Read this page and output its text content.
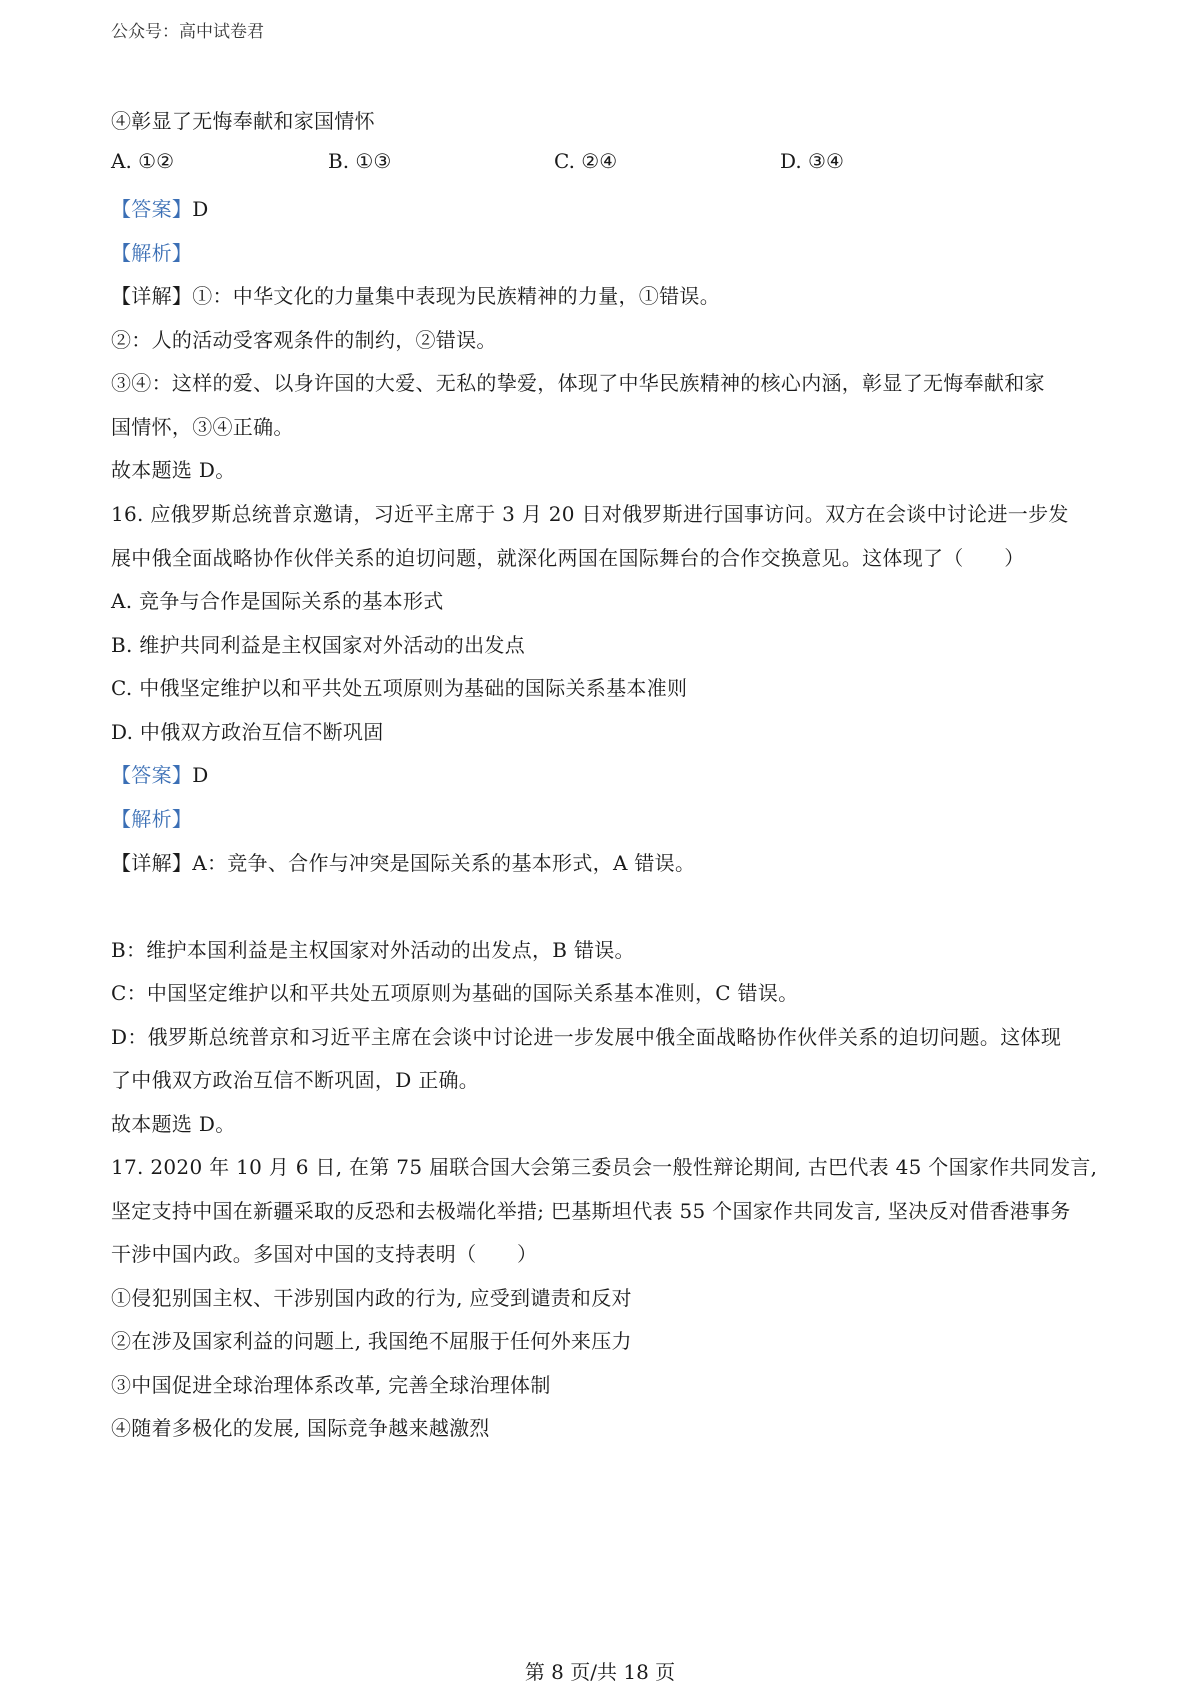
公众号：高中试卷君
④彰显了无悔奉献和家国情怀
A. ①②	B. ①③	C. ②④	D. ③④
【答案】D
【解析】
【详解】①：中华文化的力量集中表现为民族精神的力量，①错误。
②：人的活动受客观条件的制约，②错误。
③④：这样的爱、以身许国的大爱、无私的挚爱，体现了中华民族精神的核心内涵，彰显了无悔奉献和家
国情怀，③④正确。
故本题选 D。
16. 应俄罗斯总统普京邀请，习近平主席于 3 月 20 日对俄罗斯进行国事访问。双方在会谈中讨论进一步发
展中俄全面战略协作伙伴关系的迫切问题，就深化两国在国际舞台的合作交换意见。这体现了（　　）
A. 竞争与合作是国际关系的基本形式
B. 维护共同利益是主权国家对外活动的出发点
C. 中俄坚定维护以和平共处五项原则为基础的国际关系基本准则
D. 中俄双方政治互信不断巩固
【答案】D
【解析】
【详解】A：竞争、合作与冲突是国际关系的基本形式，A 错误。
B：维护本国利益是主权国家对外活动的出发点，B 错误。
C：中国坚定维护以和平共处五项原则为基础的国际关系基本准则，C 错误。
D：俄罗斯总统普京和习近平主席在会谈中讨论进一步发展中俄全面战略协作伙伴关系的迫切问题。这体现
了中俄双方政治互信不断巩固，D 正确。
故本题选 D。
17. 2020 年 10 月 6 日, 在第 75 届联合国大会第三委员会一般性辩论期间, 古巴代表 45 个国家作共同发言,
坚定支持中国在新疆采取的反恐和去极端化举措; 巴基斯坦代表 55 个国家作共同发言, 坚决反对借香港事务
干涉中国内政。多国对中国的支持表明（　　）
①侵犯别国主权、干涉别国内政的行为, 应受到谴责和反对
②在涉及国家利益的问题上, 我国绝不屈服于任何外来压力
③中国促进全球治理体系改革, 完善全球治理体制
④随着多极化的发展, 国际竞争越来越激烈
第 8 页/共 18 页
